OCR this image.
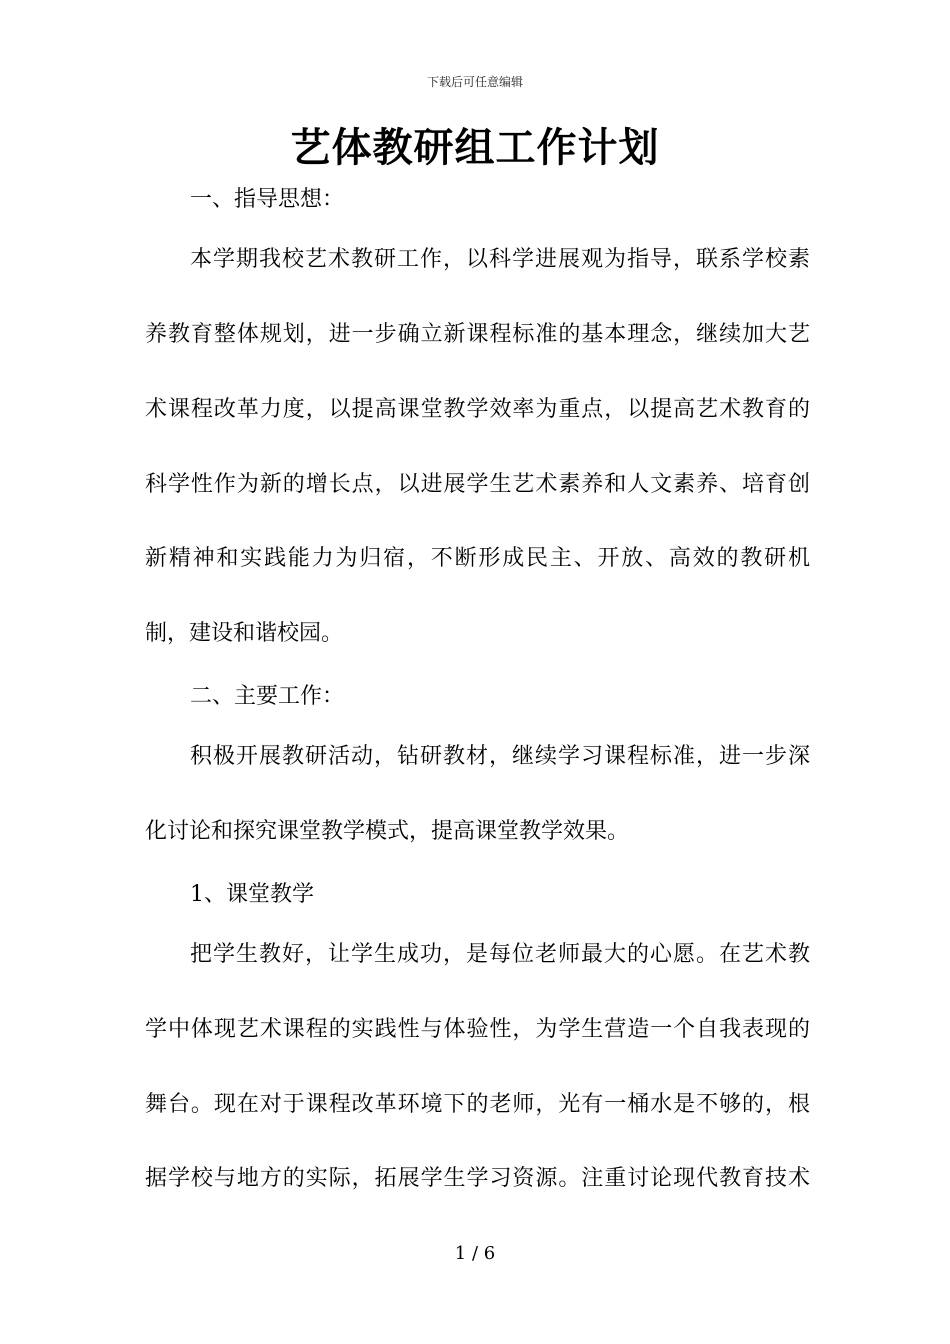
下载后可任意编辑
艺体教研组工作计划
一、指导思想：
本学期我校艺术教研工作，以科学进展观为指导，联系学校素
养教育整体规划，进一步确立新课程标准的基本理念，继续加大艺
术课程改革力度，以提高课堂教学效率为重点，以提高艺术教育的
科学性作为新的增长点，以进展学生艺术素养和人文素养、培育创
新精神和实践能力为归宿，不断形成民主、开放、高效的教研机
制，建设和谐校园。
二、主要工作：
积极开展教研活动，钻研教材，继续学习课程标准，进一步深
化讨论和探究课堂教学模式，提高课堂教学效果。
1、课堂教学
把学生教好，让学生成功，是每位老师最大的心愿。在艺术教
学中体现艺术课程的实践性与体验性，为学生营造一个自我表现的
舞台。现在对于课程改革环境下的老师，光有一桶水是不够的，根
据学校与地方的实际，拓展学生学习资源。注重讨论现代教育技术
1 / 6
